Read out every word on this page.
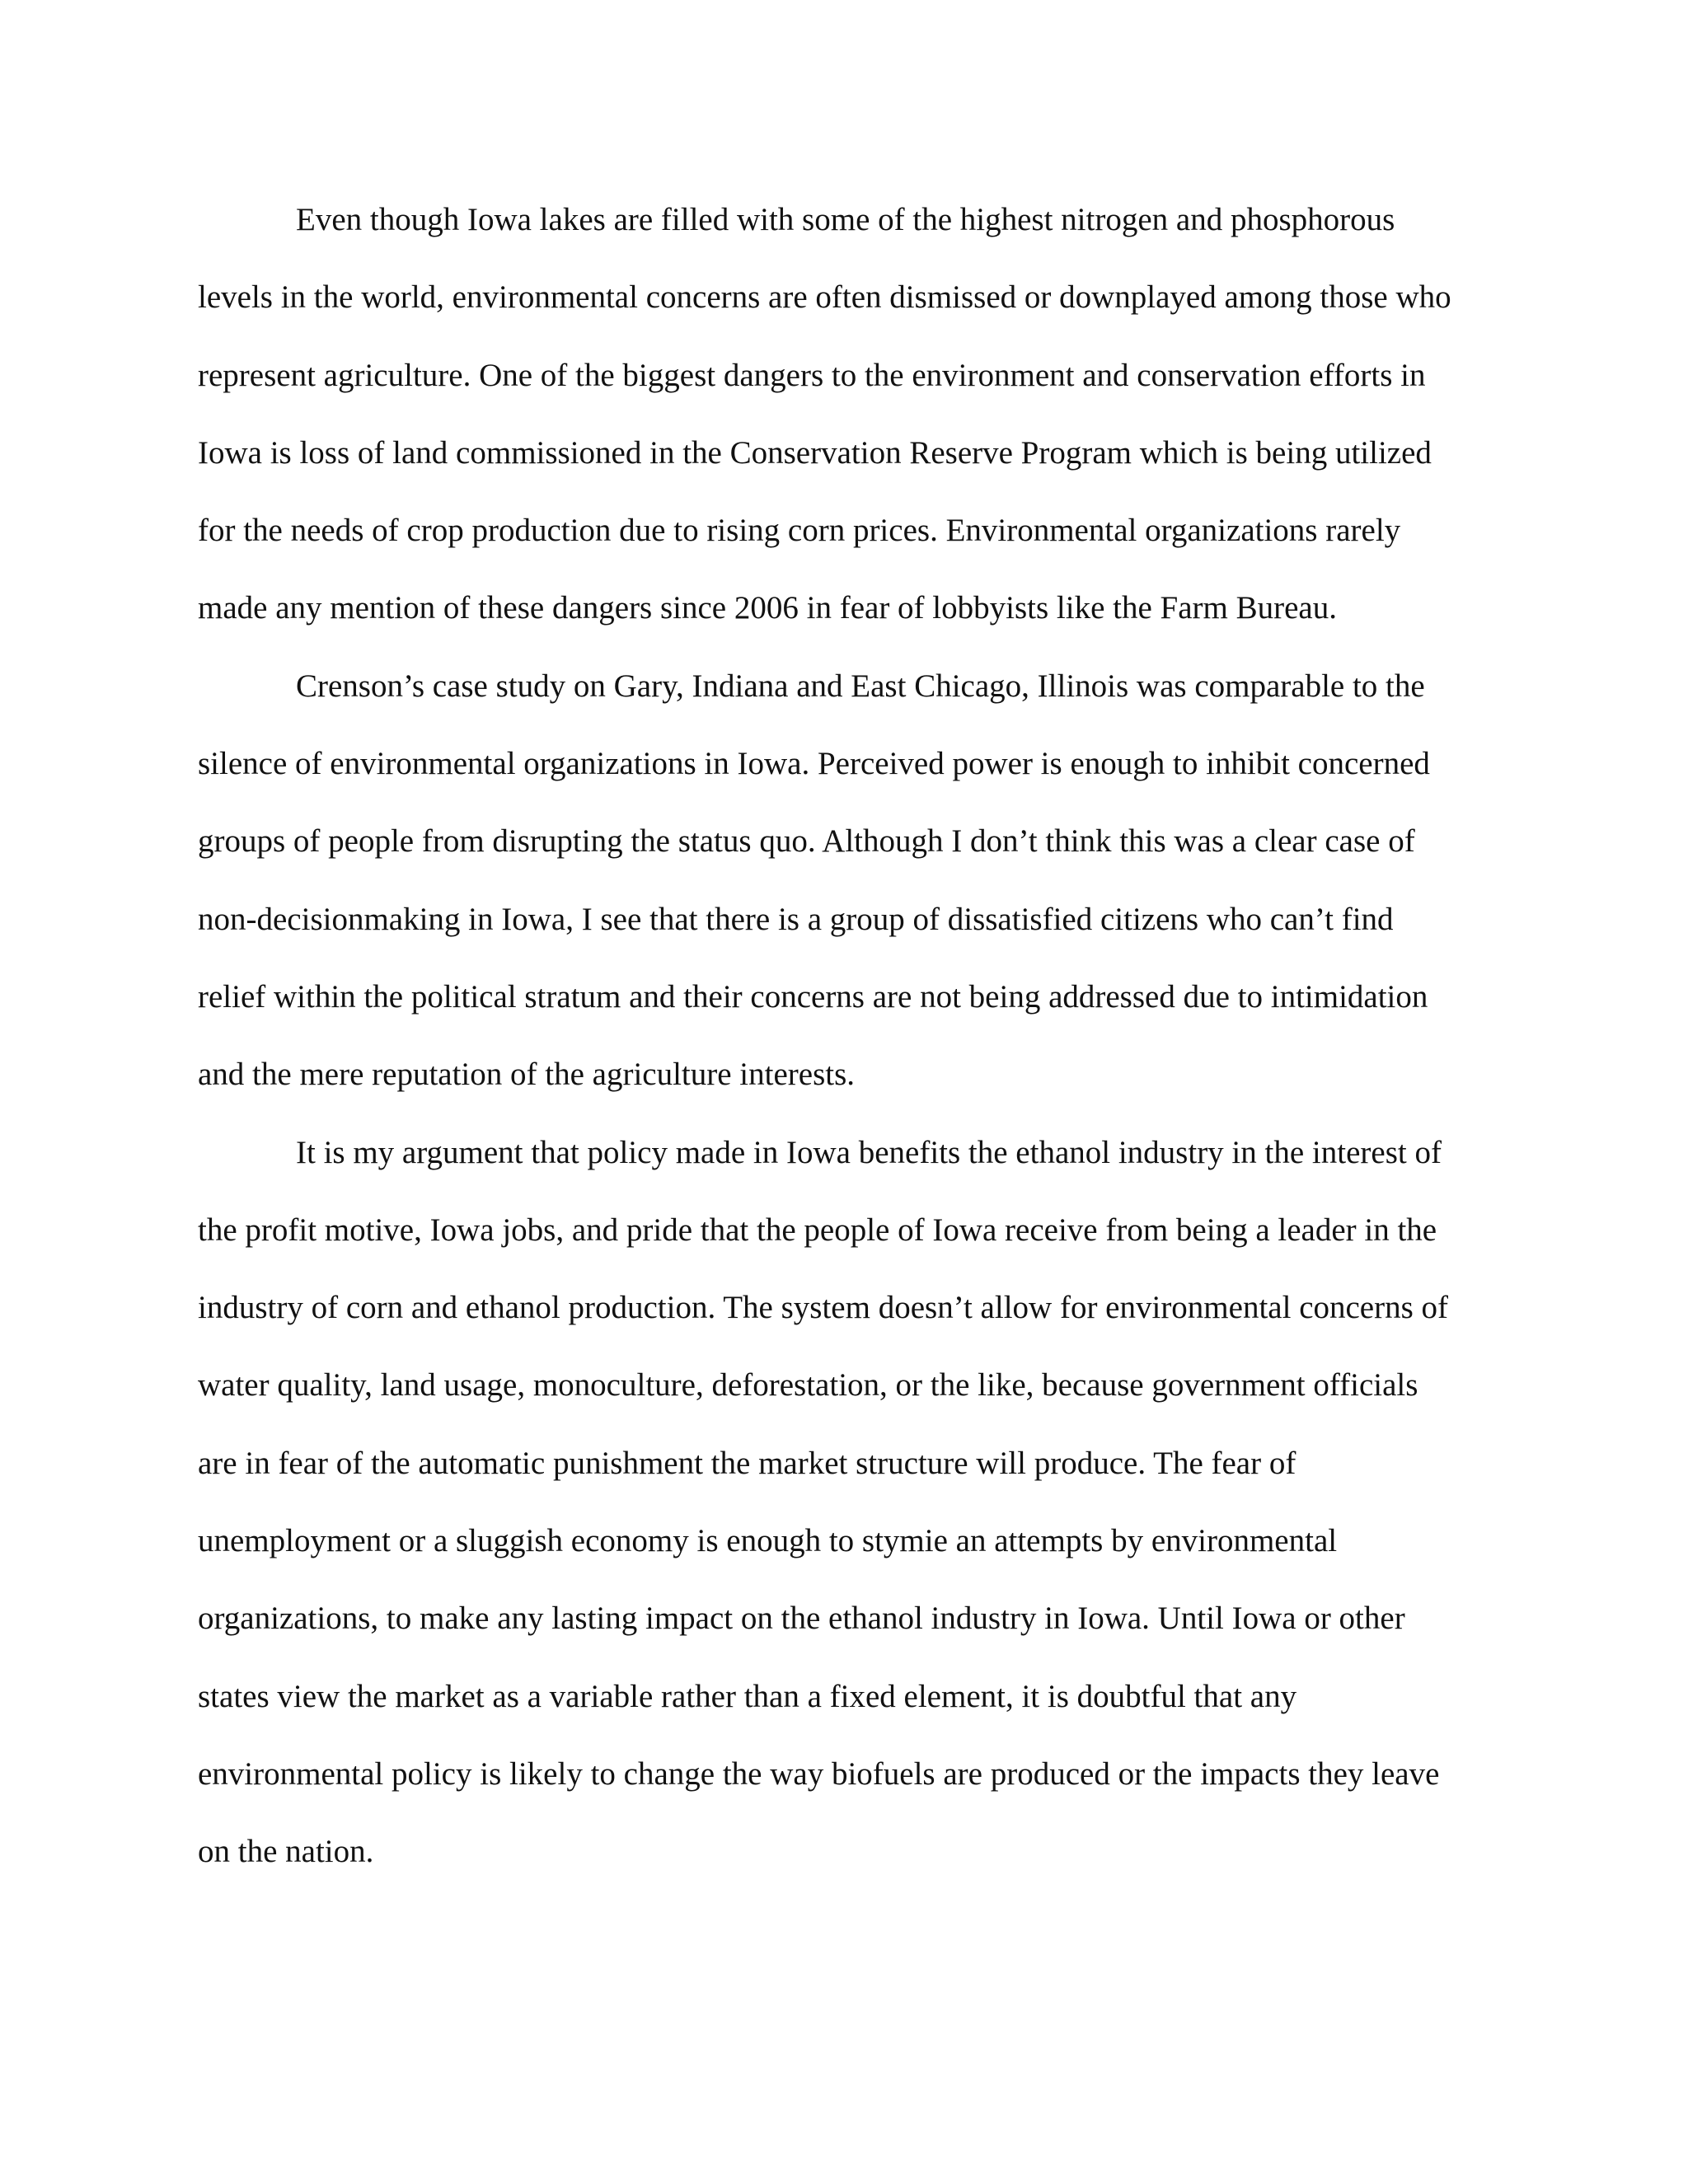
Even though Iowa lakes are filled with some of the highest nitrogen and phosphorous
levels in the world, environmental concerns are often dismissed or downplayed among those who
represent agriculture. One of the biggest dangers to the environment and conservation efforts in
Iowa is loss of land commissioned in the Conservation Reserve Program which is being utilized
for the needs of crop production due to rising corn prices. Environmental organizations rarely
made any mention of these dangers since 2006 in fear of lobbyists like the Farm Bureau.
Crenson’s case study on Gary, Indiana and East Chicago, Illinois was comparable to the
silence of environmental organizations in Iowa. Perceived power is enough to inhibit concerned
groups of people from disrupting the status quo. Although I don’t think this was a clear case of
non-decisionmaking in Iowa, I see that there is a group of dissatisfied citizens who can’t find
relief within the political stratum and their concerns are not being addressed due to intimidation
and the mere reputation of the agriculture interests.
It is my argument that policy made in Iowa benefits the ethanol industry in the interest of
the profit motive, Iowa jobs, and pride that the people of Iowa receive from being a leader in the
industry of corn and ethanol production. The system doesn’t allow for environmental concerns of
water quality, land usage, monoculture, deforestation, or the like, because government officials
are in fear of the automatic punishment the market structure will produce. The fear of
unemployment or a sluggish economy is enough to stymie an attempts by environmental
organizations, to make any lasting impact on the ethanol industry in Iowa. Until Iowa or other
states view the market as a variable rather than a fixed element, it is doubtful that any
environmental policy is likely to change the way biofuels are produced or the impacts they leave
on the nation.
